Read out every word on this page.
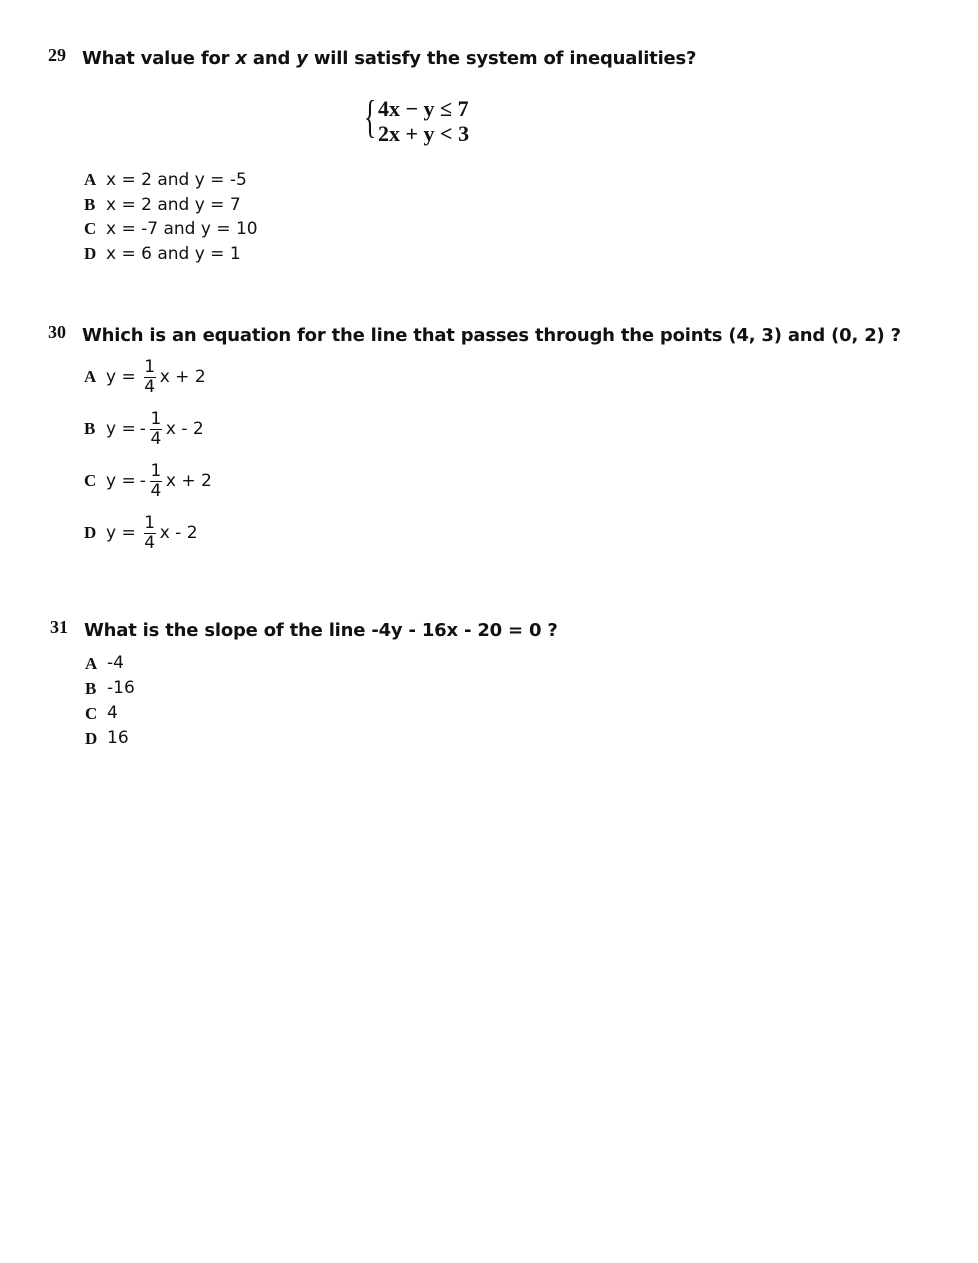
29 What value for x and y will satisfy the system of inequalities?
{ 4x − y ≤ 7
2x + y < 3
A x = 2 and y = -5
B x = 2 and y = 7
C x = -7 and y = 10
D x = 6 and y = 1
30 Which is an equation for the line that passes through the points (4, 3) and (0, 2) ?
A $y = \frac{1}{4}$ x + 2
B y = - $\frac{1}{4}$ x - 2
C y = - $\frac{1}{4}$ x + 2
D $y = \frac{1}{4}$ x - 2
31 What is the slope of the line -4y - 16x - 20 = 0 ?
A -4
B -16
C 4
D 16
